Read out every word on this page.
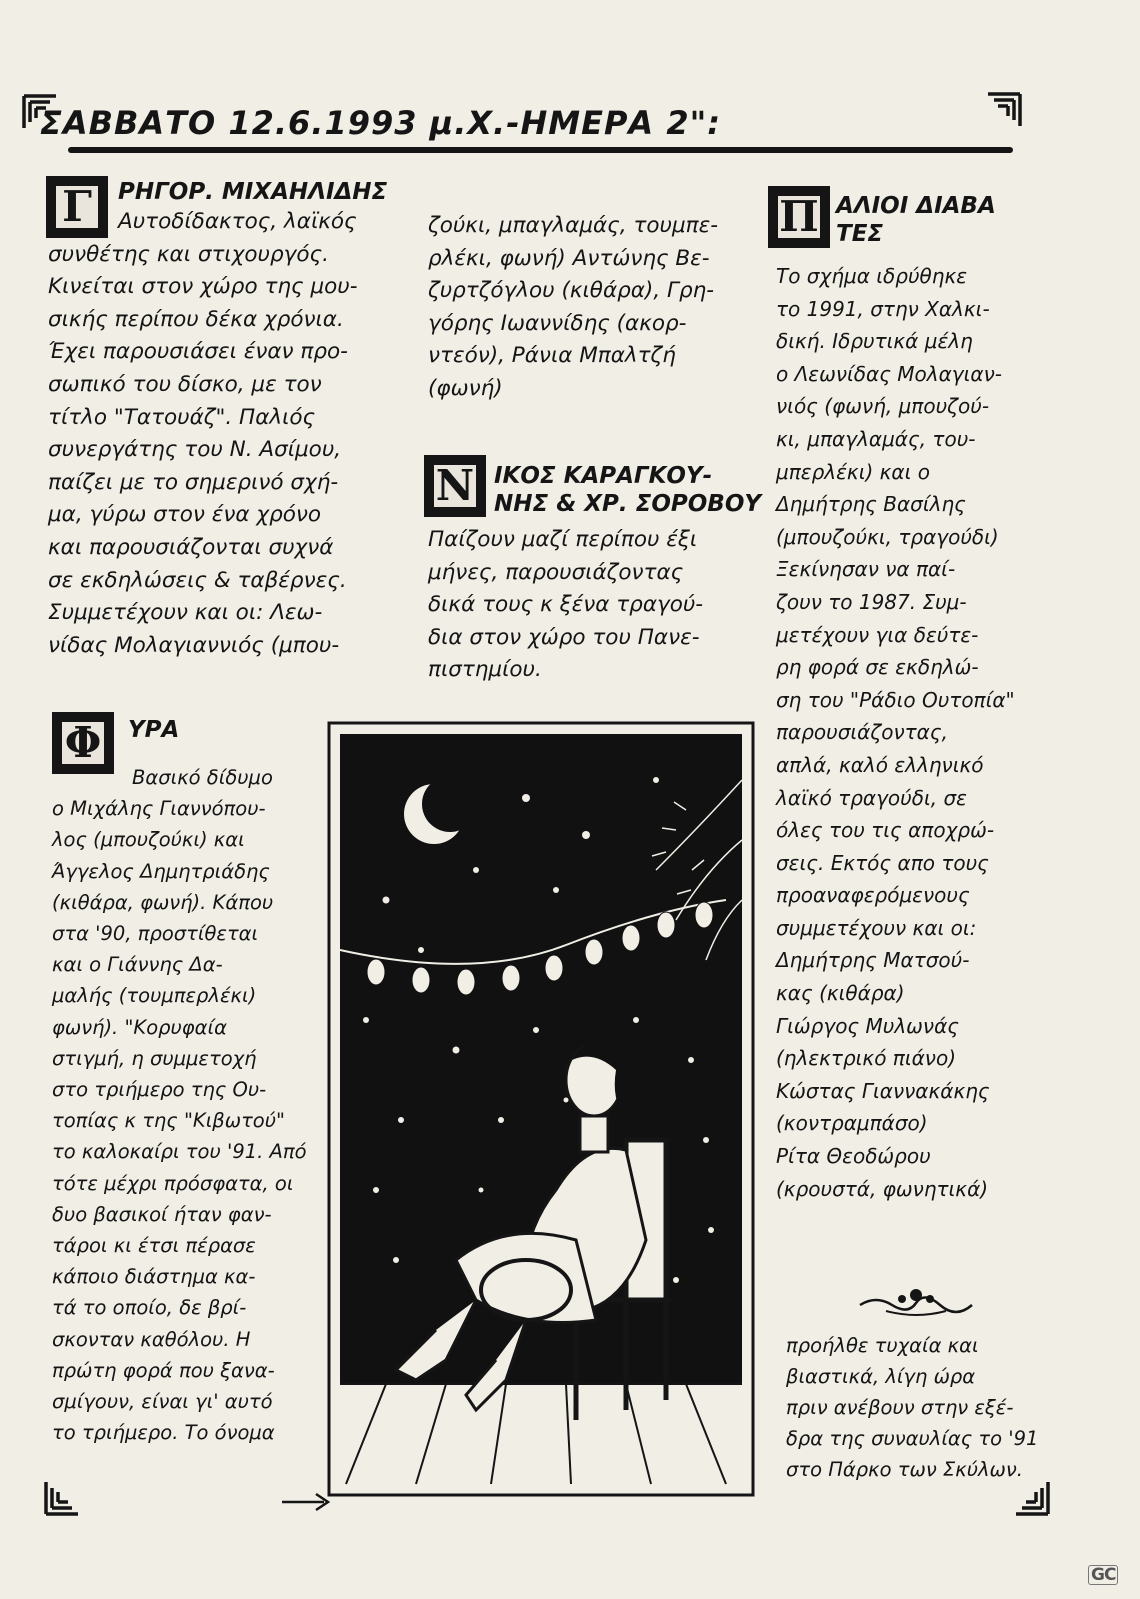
ΣΑΒΒΑΤΟ 12.6.1993 μ.Χ.-ΗΜΕΡΑ 2":
Γ	ΡΗΓΟΡ. ΜΙΧΑΗΛΙΔΗΣ
Αυτοδίδακτος, λαϊκός
συνθέτης και στιχουργός.
Κινείται στον χώρο της μου-
σικής περίπου δέκα χρόνια.
Έχει παρουσιάσει έναν προ-
σωπικό του δίσκο, με τον
τίτλο "Τατουάζ". Παλιός
συνεργάτης του Ν. Ασίμου,
παίζει με το σημερινό σχή-
μα, γύρω στον ένα χρόνο
και παρουσιάζονται συχνά
σε εκδηλώσεις & ταβέρνες.
Συμμετέχουν και οι: Λεω-
νίδας Μολαγιαννιός (μπου-
ζούκι, μπαγλαμάς, τουμπε-
ρλέκι, φωνή) Αντώνης Βε-
ζυρτζόγλου (κιθάρα), Γρη-
γόρης Ιωαννίδης (ακορ-
ντεόν), Ράνια Μπαλτζή
(φωνή)
Ν ΙΚΟΣ ΚΑΡΑΓΚΟΥ-
ΝΗΣ & ΧΡ. ΣΟΡΟΒΟΥ
Παίζουν μαζί περίπου έξι
μήνες, παρουσιάζοντας
δικά τους κ ξένα τραγού-
δια στον χώρο του Πανε-
πιστημίου.
Π ΑΛΙΟΙ ΔΙΑΒΑ
ΤΕΣ
Το σχήμα ιδρύθηκε
το 1991, στην Χαλκι-
δική. Ιδρυτικά μέλη
ο Λεωνίδας Μολαγιαν-
νιός (φωνή, μπουζού-
κι, μπαγλαμάς, του-
μπερλέκι) και ο
Δημήτρης Βασίλης
(μπουζούκι, τραγούδι)
Ξεκίνησαν να παί-
ζουν το 1987. Συμ-
μετέχουν για δεύτε-
ρη φορά σε εκδηλώ-
ση του "Ράδιο Ουτοπία"
παρουσιάζοντας,
απλά, καλό ελληνικό
λαϊκό τραγούδι, σε
όλες του τις αποχρώ-
σεις. Εκτός απο τους
προαναφερόμενους
συμμετέχουν και οι:
Δημήτρης Ματσού-
κας (κιθάρα)
Γιώργος Μυλωνάς
(ηλεκτρικό πιάνο)
Κώστας Γιαννακάκης
(κοντραμπάσο)
Ρίτα Θεοδώρου
(κρουστά, φωνητικά)
προήλθε τυχαία και
βιαστικά, λίγη ώρα
πριν ανέβουν στην εξέ-
δρα της συναυλίας το '91
στο Πάρκο των Σκύλων.
Φ ΥΡΑ
Βασικό δίδυμο
ο Μιχάλης Γιαννόπου-
λος (μπουζούκι) και
Άγγελος Δημητριάδης
(κιθάρα, φωνή). Κάπου
στα '90, προστίθεται
και ο Γιάννης Δα-
μαλής (τουμπερλέκι)
φωνή). "Κορυφαία
στιγμή, η συμμετοχή
στο τριήμερο της Ου-
τοπίας κ της "Κιβωτού"
το καλοκαίρι του '91. Από
τότε μέχρι πρόσφατα, οι
δυο βασικοί ήταν φαν-
τάροι κι έτσι πέρασε
κάποιο διάστημα κα-
τά το οποίο, δε βρί-
σκονταν καθόλου. Η
πρώτη φορά που ξανα-
σμίγουν, είναι γι' αυτό
το τριήμερο. Το όνομα
GC
